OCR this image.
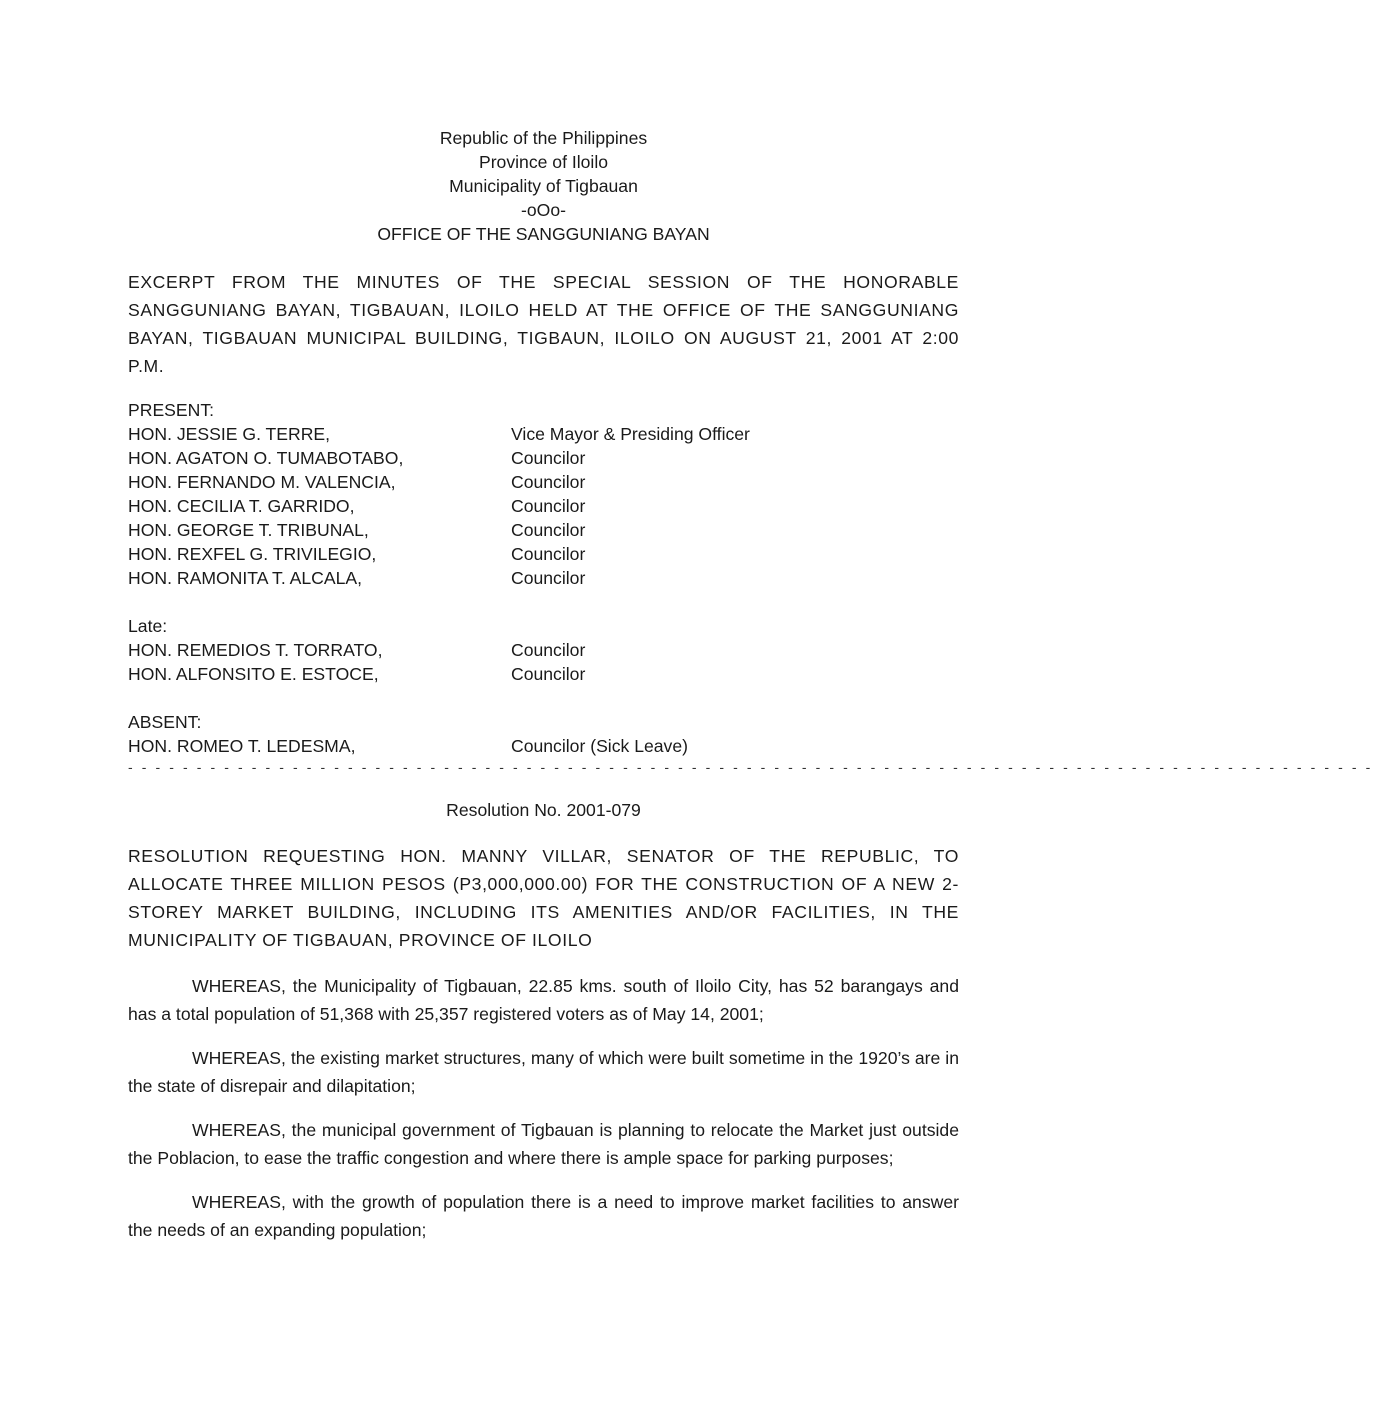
Republic of the Philippines
Province of Iloilo
Municipality of Tigbauan
-oOo-
OFFICE OF THE SANGGUNIANG BAYAN
EXCERPT FROM THE MINUTES OF THE SPECIAL SESSION OF THE HONORABLE SANGGUNIANG BAYAN, TIGBAUAN, ILOILO HELD AT THE OFFICE OF THE SANGGUNIANG BAYAN, TIGBAUAN MUNICIPAL BUILDING, TIGBAUN, ILOILO ON AUGUST 21, 2001 AT 2:00 P.M.
PRESENT:
HON. JESSIE G. TERRE,	Vice Mayor & Presiding Officer
HON. AGATON O. TUMABOTABO,	Councilor
HON. FERNANDO M. VALENCIA,	Councilor
HON. CECILIA T. GARRIDO,	Councilor
HON. GEORGE T. TRIBUNAL,	Councilor
HON. REXFEL G. TRIVILEGIO,	Councilor
HON. RAMONITA T. ALCALA,	Councilor
Late:
HON. REMEDIOS T. TORRATO,	Councilor
HON. ALFONSITO E. ESTOCE,	Councilor
ABSENT:
HON. ROMEO T. LEDESMA,	Councilor (Sick Leave)
- - - - - - - - - - - - - - - - - - - - - - - - - - - - - - - - - - - - - - - - - - - - - - - - - - - - - - - - - - - - - - - - - - - - - - - - - - - - - - - - - - - - - - - - - - -
Resolution No. 2001-079
RESOLUTION REQUESTING HON. MANNY VILLAR, SENATOR OF THE REPUBLIC, TO ALLOCATE THREE MILLION PESOS (P3,000,000.00) FOR THE CONSTRUCTION OF A NEW 2-STOREY MARKET BUILDING, INCLUDING ITS AMENITIES AND/OR FACILITIES, IN THE MUNICIPALITY OF TIGBAUAN, PROVINCE OF ILOILO
WHEREAS, the Municipality of Tigbauan, 22.85 kms. south of Iloilo City, has 52 barangays and has a total population of 51,368 with 25,357 registered voters as of May 14, 2001;
WHEREAS, the existing market structures, many of which were built sometime in the 1920’s are in the state of disrepair and dilapitation;
WHEREAS, the municipal government of Tigbauan is planning to relocate the Market just outside the Poblacion, to ease the traffic congestion and where there is ample space for parking purposes;
WHEREAS, with the growth of population there is a need to improve market facilities to answer the needs of an expanding population;
